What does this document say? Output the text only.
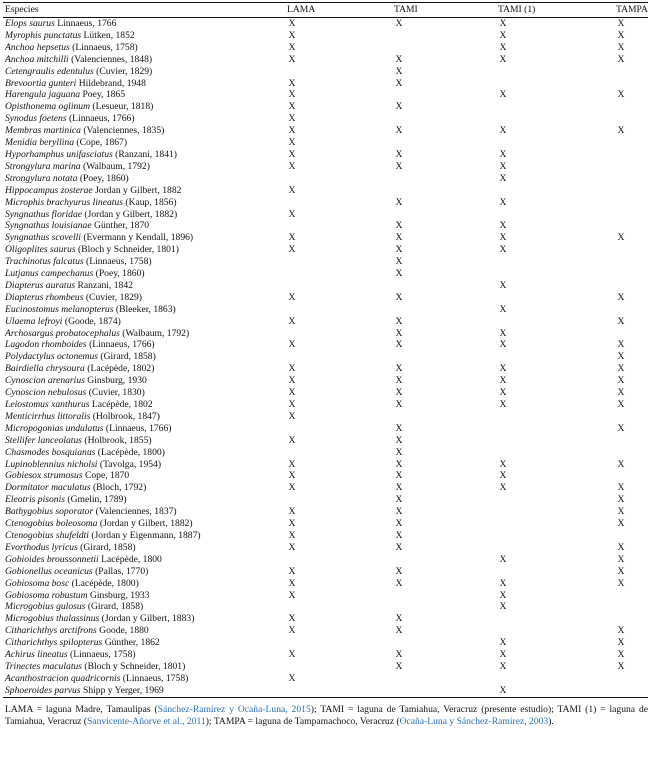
Especies	LAMA	TAMI	TAMI (1)	TAMPA
Elops saurus Linnaeus, 1766	X	X	X	X
Myrophis punctatus Lütken, 1852	X		X	X
Anchoa hepsetus (Linnaeus, 1758)	X		X	X
Anchoa mitchilli (Valenciennes, 1848)	X	X	X	X
Cetengraulis edentulus (Cuvier, 1829)		X		
Brevoortia gunteri Hildebrand, 1948	X	X		
Harengula jaguana Poey, 1865	X		X	X
Opisthonema oglinum (Lesueur, 1818)	X	X		
Synodus foetens (Linnaeus, 1766)	X			
Membras martinica (Valenciennes, 1835)	X	X	X	X
Menidia beryllina (Cope, 1867)	X			
Hyporhamphus unifasciatus (Ranzani, 1841)	X	X	X	
Strongylura marina (Walbaum, 1792)	X	X	X	
Strongylura notata (Poey, 1860)			X	
Hippocampus zosterae Jordan y Gilbert, 1882	X			
Microphis brachyurus lineatus (Kaup, 1856)		X	X	
Syngnathus floridae (Jordan y Gilbert, 1882)	X			
Syngnathus louisianae Günther, 1870		X	X	
Syngnathus scovelli (Evermann y Kendall, 1896)	X	X	X	X
Oligoplites saurus (Bloch y Schneider, 1801)	X	X	X	
Trachinotus falcatus (Linnaeus, 1758)		X		
Lutjanus campechanus (Poey, 1860)		X		
Diapterus auratus Ranzani, 1842			X	
Diapterus rhombeus (Cuvier, 1829)	X	X		X
Eucinostomus melanopterus (Bleeker, 1863)			X	
Ulaema lefroyi (Goode, 1874)	X	X		X
Archosargus probatocephalus (Walbaum, 1792)		X	X	
Lagodon rhomboides (Linnaeus, 1766)	X	X	X	X
Polydactylus octonemus (Girard, 1858)				X
Bairdiella chrysoura (Lacépède, 1802)	X	X	X	X
Cynoscion arenarius Ginsburg, 1930	X	X	X	X
Cynoscion nebulosus (Cuvier, 1830)	X	X	X	X
Leiostomus xanthurus Lacépède, 1802	X	X	X	X
Menticirrhus littoralis (Holbrook, 1847)	X			
Micropogonias undulatus (Linnaeus, 1766)		X		X
Stellifer lanceolatus (Holbrook, 1855)	X	X		
Chasmodes bosquianus (Lacépède, 1800)		X		
Lupinoblennius nicholsi (Tavolga, 1954)	X	X	X	X
Gobiesox strumosus Cope, 1870	X	X	X	
Dormitator maculatus (Bloch, 1792)	X	X	X	X
Eleotris pisonis (Gmelin, 1789)		X		X
Bathygobius soporator (Valenciennes, 1837)	X	X		X
Ctenogobius boleosoma (Jordan y Gilbert, 1882)	X	X		X
Ctenogobius shufeldti (Jordan y Eigenmann, 1887)	X	X		
Evorthodus lyricus (Girard, 1858)	X	X		X
Gobioides broussonnetii Lacépède, 1800			X	X
Gobionellus oceanicus (Pallas, 1770)	X	X		X
Gobiosoma bosc (Lacépède, 1800)	X	X	X	X
Gobiosoma robustum Ginsburg, 1933	X		X	
Microgobius gulosus (Girard, 1858)			X	
Microgobius thalassinus (Jordan y Gilbert, 1883)	X	X		
Citharichthys arctifrons Goode, 1880	X	X		X
Citharichthys spilopterus Günther, 1862			X	X
Achirus lineatus (Linnaeus, 1758)	X	X	X	X
Trinectes maculatus (Bloch y Schneider, 1801)		X	X	X
Acanthostracion quadricornis (Linnaeus, 1758)	X			
Sphoeroides parvus Shipp y Yerger, 1969			X	

LAMA = laguna Madre, Tamaulipas (Sánchez-Ramírez y Ocaña-Luna, 2015); TAMI = laguna de Tamiahua, Veracruz (presente estudio); TAMI (1) = laguna de Tamiahua, Veracruz (Sanvicente-Añorve et al., 2011); TAMPA = laguna de Tampamachoco, Veracruz (Ocaña-Luna y Sánchez-Ramírez, 2003).
